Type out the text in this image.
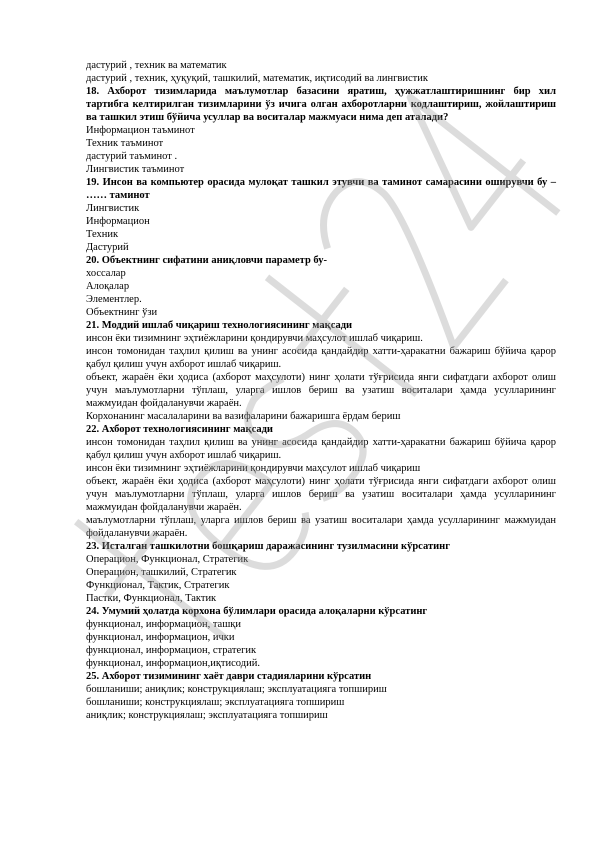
дастурий , техник ва математик

дастурий , техник, ҳуқуқий, ташкилий, математик, иқтисодий ва лингвистик

18. Ахборот тизимларида маълумотлар базасини яратиш, ҳужжатлаштиришнинг бир хил тартибга келтирилган тизимларини ўз ичига олган ахборотларни кодлаштириш, жойлаштириш ва ташкил этиш бўйича усуллар ва воситалар мажмуаси нима деп аталади?

Информацион таъминот

Техник таъминот

дастурий таъминот .

Лингвистик таъминот

19. Инсон ва компьютер орасида мулоқат ташкил этувчи ва таминот самарасини оширувчи бу – …… таминот

Лингвистик

Информацион

Техник

Дастурий

20. Объектнинг сифатини аниқловчи параметр бу-

хоссалар

Алоқалар

Элементлер.

Объектнинг ўзи

21. Моддий ишлаб чиқариш технологиясининг мақсади

инсон ёки тизимнинг эҳтиёжларини қондирувчи маҳсулот ишлаб чиқариш.

инсон томонидан таҳлил қилиш ва унинг асосида қандайдир хатти-ҳаракатни бажариш бўйича қарор қабул қилиш учун ахборот ишлаб чиқариш.

объект, жараён ёки ҳодиса (ахборот маҳсулоти) нинг ҳолати тўғрисида янги сифатдаги ахборот олиш учун маълумотларни тўплаш, уларга ишлов бериш ва узатиш воситалари ҳамда усулларининг мажмуидан фойдаланувчи жараён.

Корхонанинг масалаларини ва вазифаларини бажаришга ёрдам бериш

22. Ахборот технологиясининг мақсади

инсон томонидан таҳлил қилиш ва унинг асосида қандайдир хатти-ҳаракатни бажариш бўйича қарор қабул қилиш учун ахборот ишлаб чиқариш.

инсон ёки тизимнинг эҳтиёжларини қондирувчи маҳсулот ишлаб чиқариш

объект, жараён ёки ҳодиса (ахборот маҳсулоти) нинг ҳолати тўғрисида янги сифатдаги ахборот олиш учун маълумотларни тўплаш, уларга ишлов бериш ва узатиш воситалари ҳамда усулларининг мажмуидан фойдаланувчи жараён.

маълумотларни тўплаш, уларга ишлов бериш ва узатиш воситалари ҳамда усулларининг мажмуидан фойдаланувчи жараён.

23. Исталган ташкилотни бошқариш даражасининг тузилмасини кўрсатинг

Операцион, Функционал, Стратегик

Операцион, ташкилий, Стратегик

Функционал, Тактик, Стратегик

Пастки, Функционал, Тактик

24. Умумий ҳолатда корхона бўлимлари орасида алоқаларни кўрсатинг

функционал, информацион, ташқи

функционал, информацион, ички

функционал, информацион, стратегик

функционал, информацион,иқтисодий.

25. Ахборот тизимининг хаёт даври стадияларини кўрсатин

бошланиши; аниқлик; конструкциялаш; эксплуатацияга топшириш

бошланиши; конструкциялаш; эксплуатацияга топшириш

аниқлик; конструкциялаш; эксплуатацияга топшириш
